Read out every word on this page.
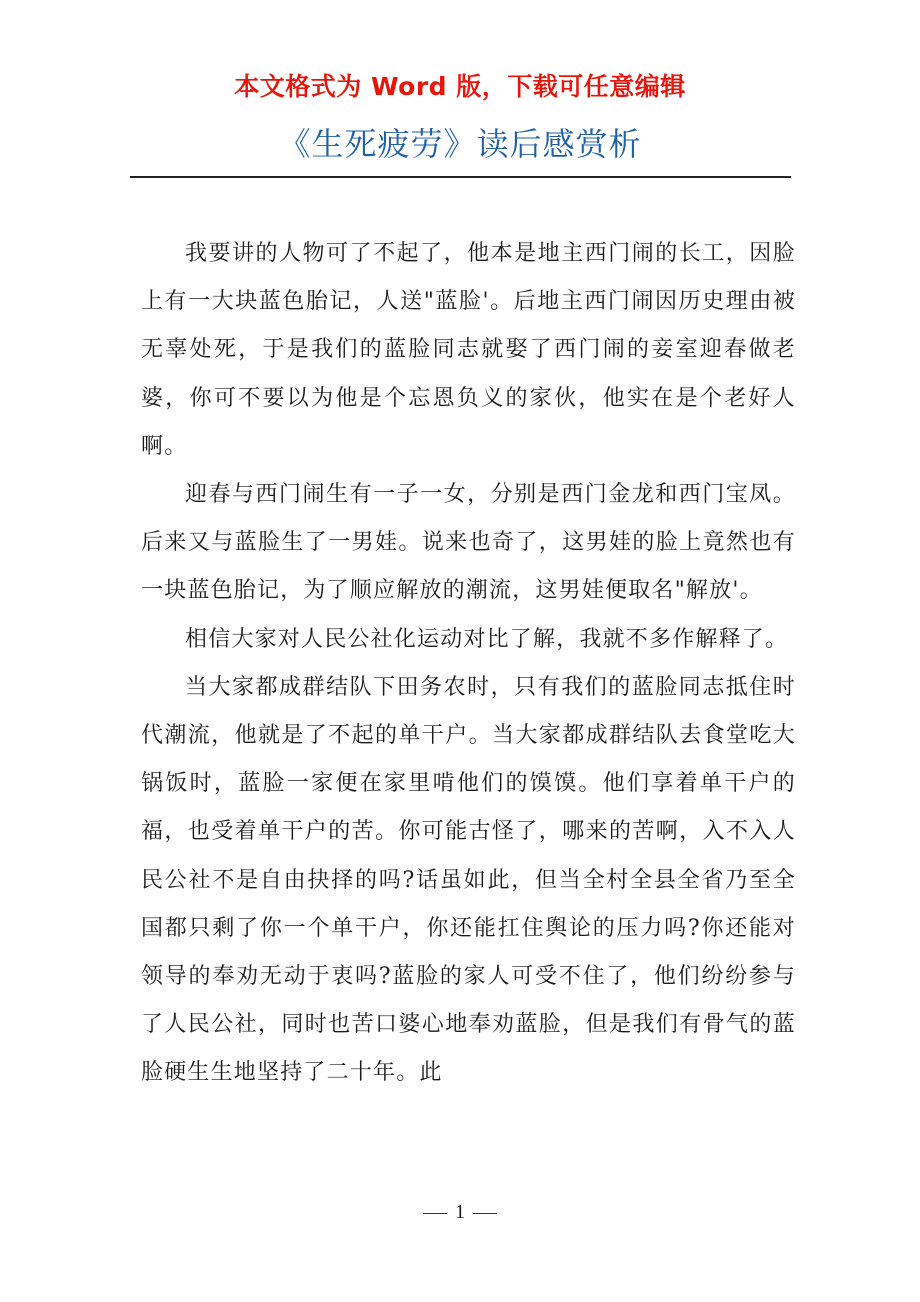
本文格式为 Word 版，下载可任意编辑
《生死疲劳》读后感赏析

我要讲的人物可了不起了，他本是地主西门闹的长工，因脸上有一大块蓝色胎记，人送"蓝脸'。后地主西门闹因历史理由被无辜处死，于是我们的蓝脸同志就娶了西门闹的妾室迎春做老婆，你可不要以为他是个忘恩负义的家伙，他实在是个老好人啊。

迎春与西门闹生有一子一女，分别是西门金龙和西门宝凤。后来又与蓝脸生了一男娃。说来也奇了，这男娃的脸上竟然也有一块蓝色胎记，为了顺应解放的潮流，这男娃便取名"解放'。

相信大家对人民公社化运动对比了解，我就不多作解释了。

当大家都成群结队下田务农时，只有我们的蓝脸同志抵住时代潮流，他就是了不起的单干户。当大家都成群结队去食堂吃大锅饭时，蓝脸一家便在家里啃他们的馍馍。他们享着单干户的福，也受着单干户的苦。你可能古怪了，哪来的苦啊，入不入人民公社不是自由抉择的吗?话虽如此，但当全村全县全省乃至全国都只剩了你一个单干户，你还能扛住舆论的压力吗?你还能对领导的奉劝无动于衷吗?蓝脸的家人可受不住了，他们纷纷参与了人民公社，同时也苦口婆心地奉劝蓝脸，但是我们有骨气的蓝脸硬生生地坚持了二十年。此

1
